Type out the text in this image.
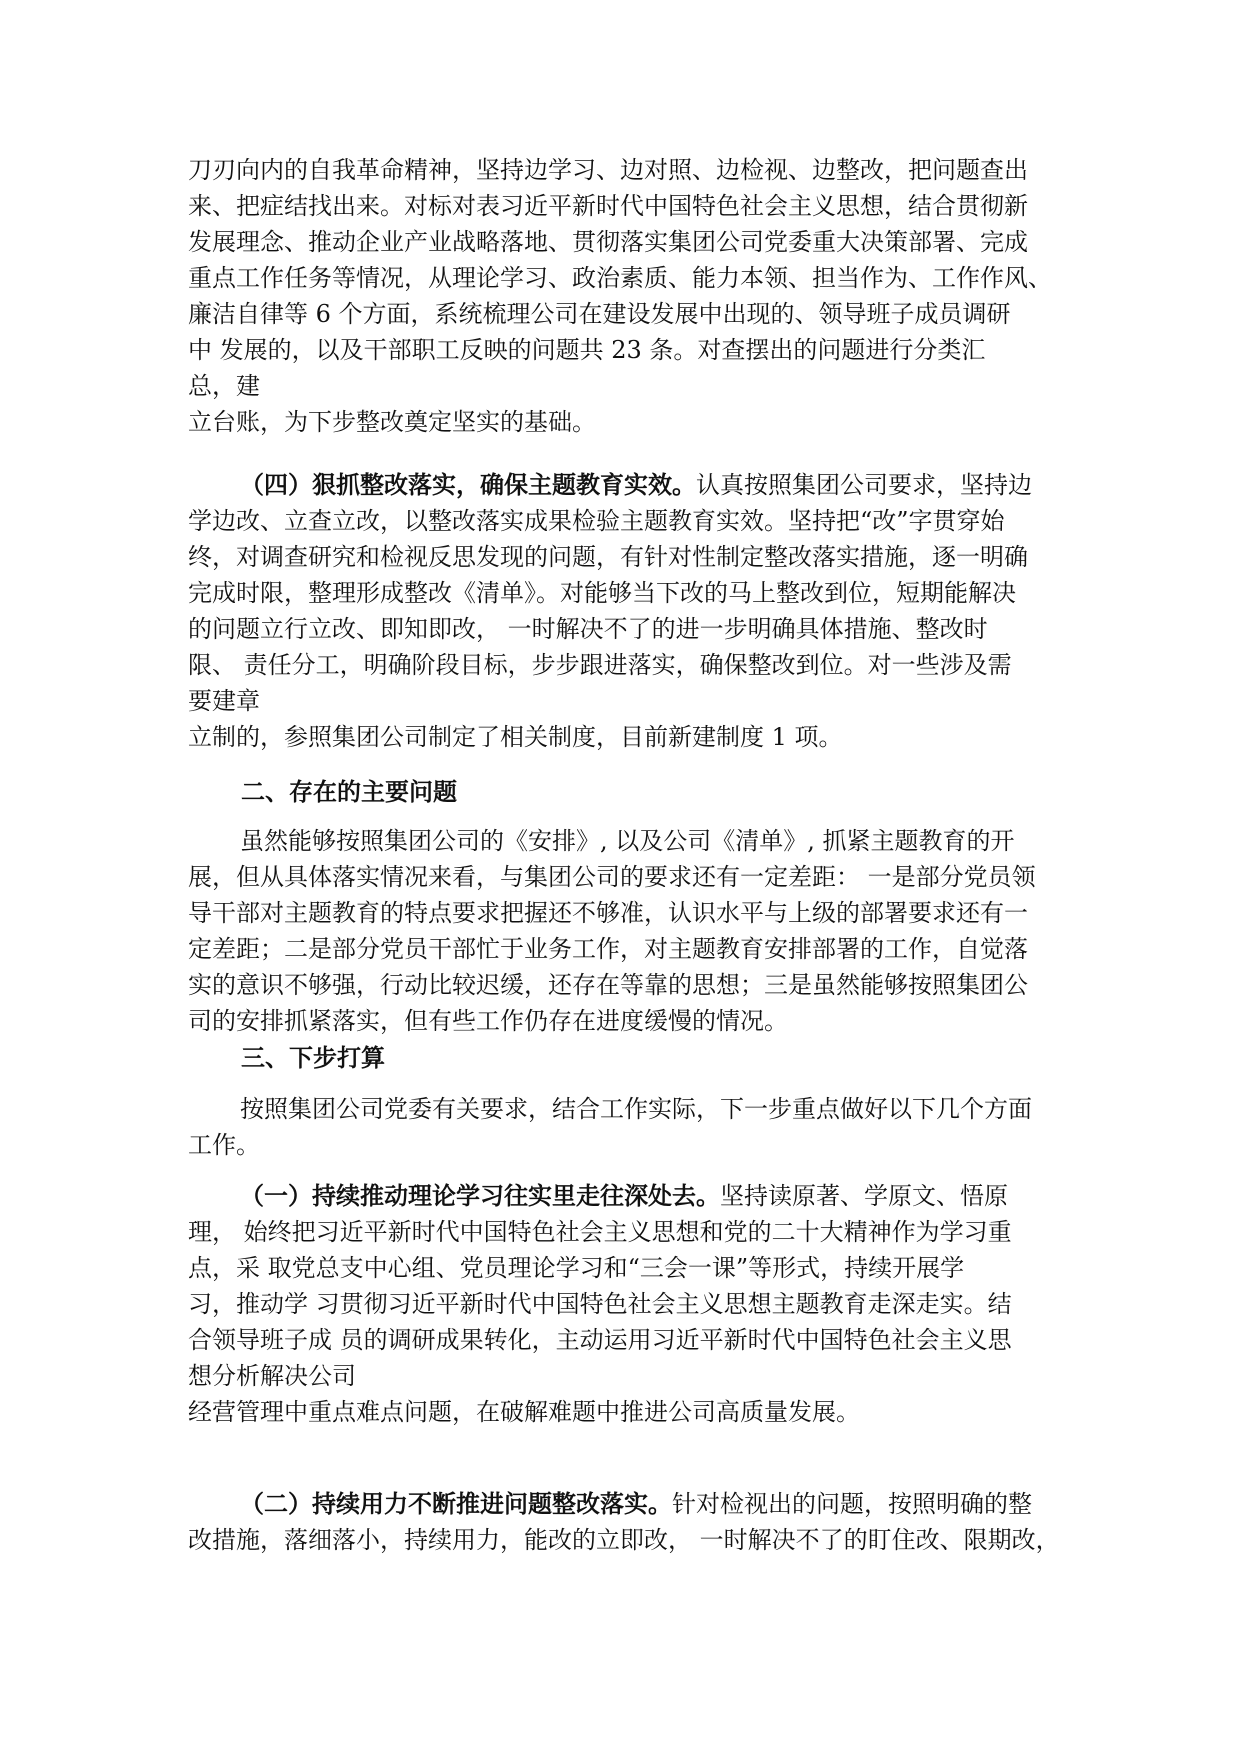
刀刃向内的自我革命精神，坚持边学习、边对照、边检视、边整改，把问题查出
来、把症结找出来。对标对表习近平新时代中国特色社会主义思想，结合贯彻新
发展理念、推动企业产业战略落地、贯彻落实集团公司党委重大决策部署、完成
重点工作任务等情况，从理论学习、政治素质、能力本领、担当作为、工作作风、
廉洁自律等 6 个方面，系统梳理公司在建设发展中出现的、领导班子成员调研
中 发展的，以及干部职工反映的问题共 23 条。对查摆出的问题进行分类汇
总，建
立台账，为下步整改奠定坚实的基础。

（四）狠抓整改落实，确保主题教育实效。认真按照集团公司要求，坚持边
学边改、立查立改，以整改落实成果检验主题教育实效。坚持把“改”字贯穿始
终，对调查研究和检视反思发现的问题，有针对性制定整改落实措施，逐一明确
完成时限，整理形成整改《清单》。对能够当下改的马上整改到位，短期能解决
的问题立行立改、即知即改， 一时解决不了的进一步明确具体措施、整改时
限、 责任分工，明确阶段目标，步步跟进落实，确保整改到位。对一些涉及需
要建章
立制的，参照集团公司制定了相关制度，目前新建制度 1 项。

二、存在的主要问题

虽然能够按照集团公司的《安排》, 以及公司《清单》, 抓紧主题教育的开
展，但从具体落实情况来看，与集团公司的要求还有一定差距： 一是部分党员领
导干部对主题教育的特点要求把握还不够准，认识水平与上级的部署要求还有一
定差距；二是部分党员干部忙于业务工作，对主题教育安排部署的工作，自觉落
实的意识不够强，行动比较迟缓，还存在等靠的思想；三是虽然能够按照集团公
司的安排抓紧落实，但有些工作仍存在进度缓慢的情况。

三、下步打算

按照集团公司党委有关要求，结合工作实际，下一步重点做好以下几个方面
工作。

（一）持续推动理论学习往实里走往深处去。坚持读原著、学原文、悟原
理， 始终把习近平新时代中国特色社会主义思想和党的二十大精神作为学习重
点，采 取党总支中心组、党员理论学习和“三会一课”等形式，持续开展学
习，推动学 习贯彻习近平新时代中国特色社会主义思想主题教育走深走实。结
合领导班子成 员的调研成果转化，主动运用习近平新时代中国特色社会主义思
想分析解决公司
经营管理中重点难点问题，在破解难题中推进公司高质量发展。

（二）持续用力不断推进问题整改落实。针对检视出的问题，按照明确的整
改措施，落细落小，持续用力，能改的立即改， 一时解决不了的盯住改、限期改，
